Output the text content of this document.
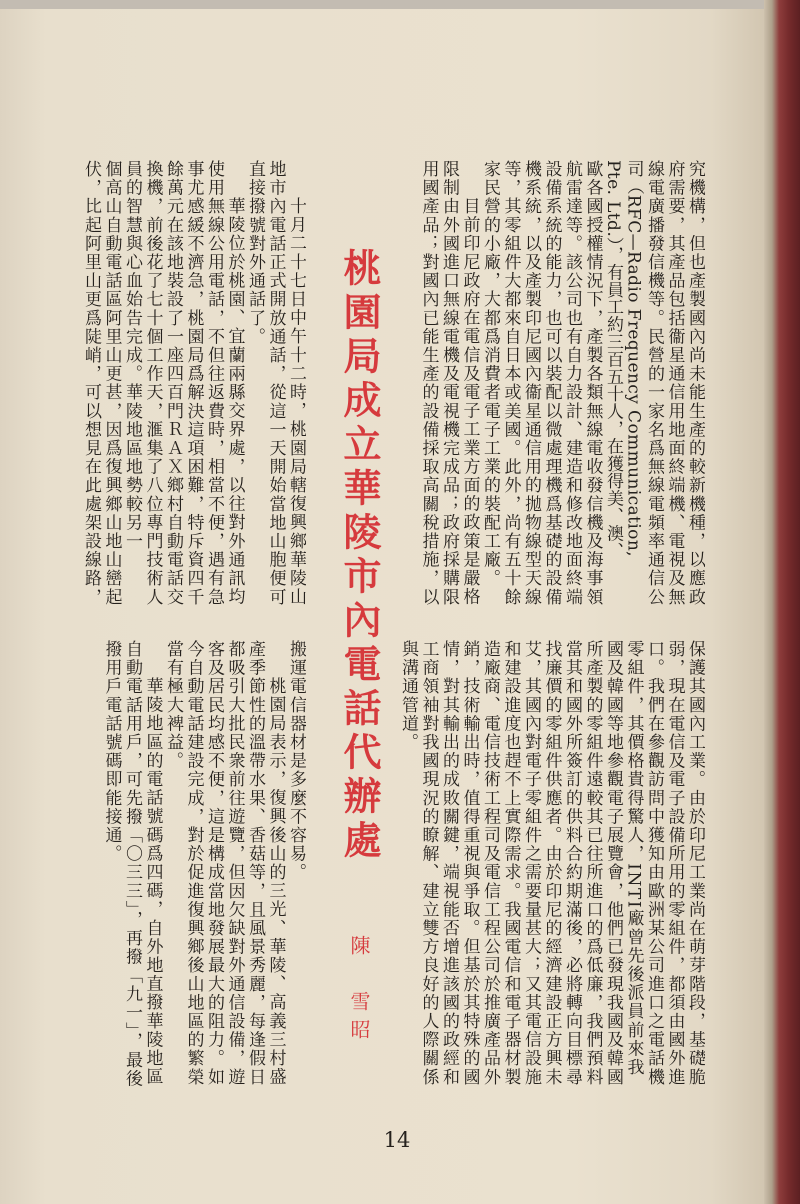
究機構，但也產製國內尚未能生產的較新機種，以應政
府需要，其產品包括衞星通信用地面終端機、電視及無
線電廣播發信機等。民營的一家名爲無線電頻率通信公
司（RFC—Radio Frequency Communication,
Pte. Ltd.），有員工約三百五十人，在獲得美、澳、
歐各國授權情況下，產製各類無線電收發信機及海事領
航雷達等。該公司也有自力設計、建造和修改地面終端
設備系統的能力，也可以裝配以微處理機爲基礎的設備
機系統，以及產製印尼國內衞星通信用的拋物線型天線
等，其零組件大都來自日本或美國。此外，尚有五十餘
家民營的小廠，大都爲消費者電子工業的裝配工廠。
目前印尼政府在電信及電子工業方面的政策是嚴格
限制由外國進口無線電機及電視機完成品；政府採購限
用國產品；對國內已能生產的設備採取高關稅措施，以
保護其國內工業。由於印尼工業尚在萌芽階段，基礎脆
弱，現在電信及電子設備所用的零組件，都須由國外進
口。我們在參觀訪問中獲知由歐洲某公司進口之電話機
零組件，其價格貴得驚人，INTI廠曾先後派員前來我
國及韓國等地參觀電子展覽會，他們已發現我國及韓國
所產製的零組件遠較其已往所進口的爲低廉，我們預料
當其和國外所簽訂的供料合約期滿後，必將轉向目標尋
找廉價的零組件供應者。由於印尼的經濟建設正方興未
艾，其國內對電子零組件之需要量甚大；又其電信設施
和建設進度也趕不上實際需求。我國電信和電子器材製
造廠商、電信技術工程司及電信工程公司於推廣產品外
銷，技術輸出時，值得重視與爭取。但基於其特殊的國
情，對其輸出的成敗關鍵，端視能否增進該國的政經和
工商領袖對我國現況的瞭解、建立雙方良好的人際關係
與溝通管道。
桃園局成立華陵市內電話代辦處
陳　雪昭
十月二十七日中午十二時，桃園局轄復興鄉華陵山
地市內電話正式開放通話，從這一天開始當地山胞便可
直接撥號對外通話了。
華陵位於桃園、宜蘭兩縣交界處，以往對外通訊均
使用無線公用電話，不但往返費時，相當不便，遇有急
事尤感緩不濟急，桃園局爲解決這項困難，特斥資四千
餘萬元在該地裝設了一座四百門ＲＡＸ鄉村自動電話交
換機，前後花了七十個工作天，滙集了八位專門技術人
員的智慧與心血始告完成。華陵地區地勢較另一
個高山自動電話區阿里山更甚，因爲復興鄉山地山巒起
伏，比起阿里山更爲陡峭，可以想見在此處架設線路，
搬運電信器材是多麼不容易。
桃園局表示，復興後山的三光、華陵、高義三村盛
產季節性的溫帶水果、香菇等，且風景秀麗，每逢假日
都吸引大批民衆前往遊覽，但因欠缺對外通信設備，遊
客及居民均感不便，這是構成當地發展最大的阻力。如
今自動電話建設完成，對於促進復興鄉後山地區的繁榮
當有極大裨益。
華陵地區的電話號碼爲四碼，自外地直撥華陵地區
自動電話用戶，可先撥「〇三三」，再撥「九一」，最後
撥用戶電話號碼即能接通。
14
